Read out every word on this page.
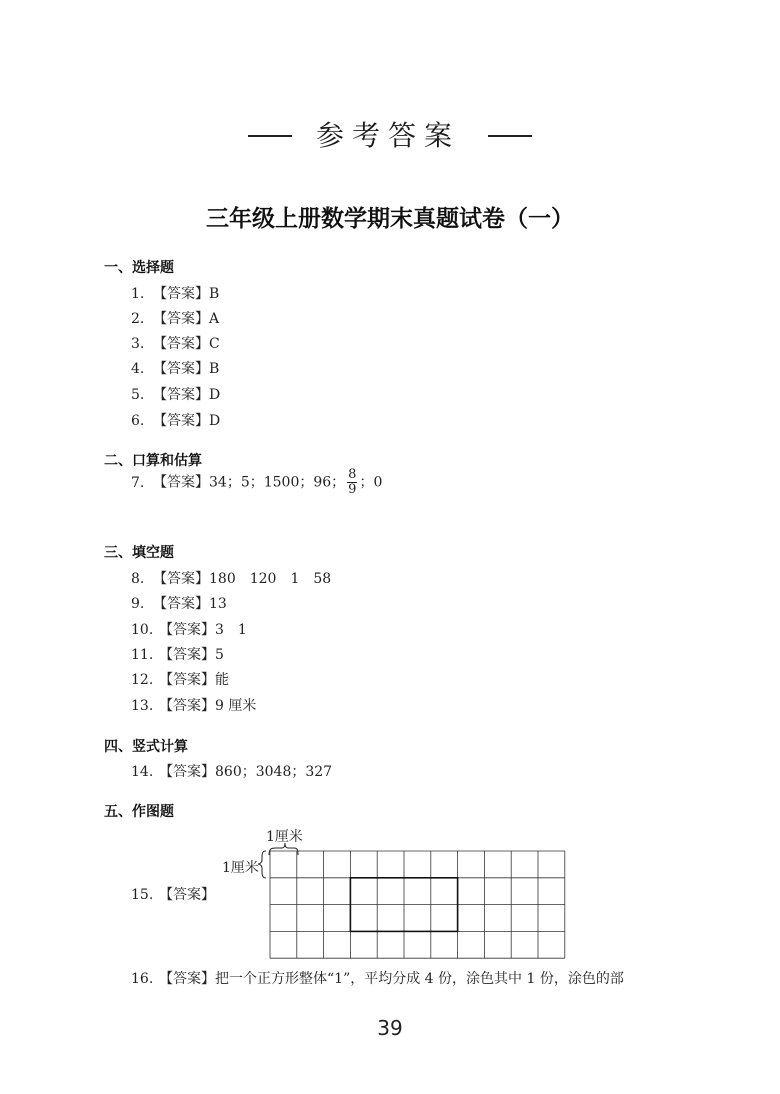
参考答案
三年级上册数学期末真题试卷（一）
一、选择题
1. 【答案】B
2. 【答案】A
3. 【答案】C
4. 【答案】B
5. 【答案】D
6. 【答案】D
二、口算和估算
7. 【答案】34；5；1500；96； $\frac{8}{9}$ ；0
三、填空题
8. 【答案】180　120　1　58
9. 【答案】13
10. 【答案】3　1
11. 【答案】5
12. 【答案】能
13. 【答案】9 厘米
四、竖式计算
14. 【答案】860；3048；327
五、作图题
15. 【答案】
1厘米
1厘米
16. 【答案】把一个正方形整体“1”，平均分成 4 份，涂色其中 1 份，涂色的部
39
